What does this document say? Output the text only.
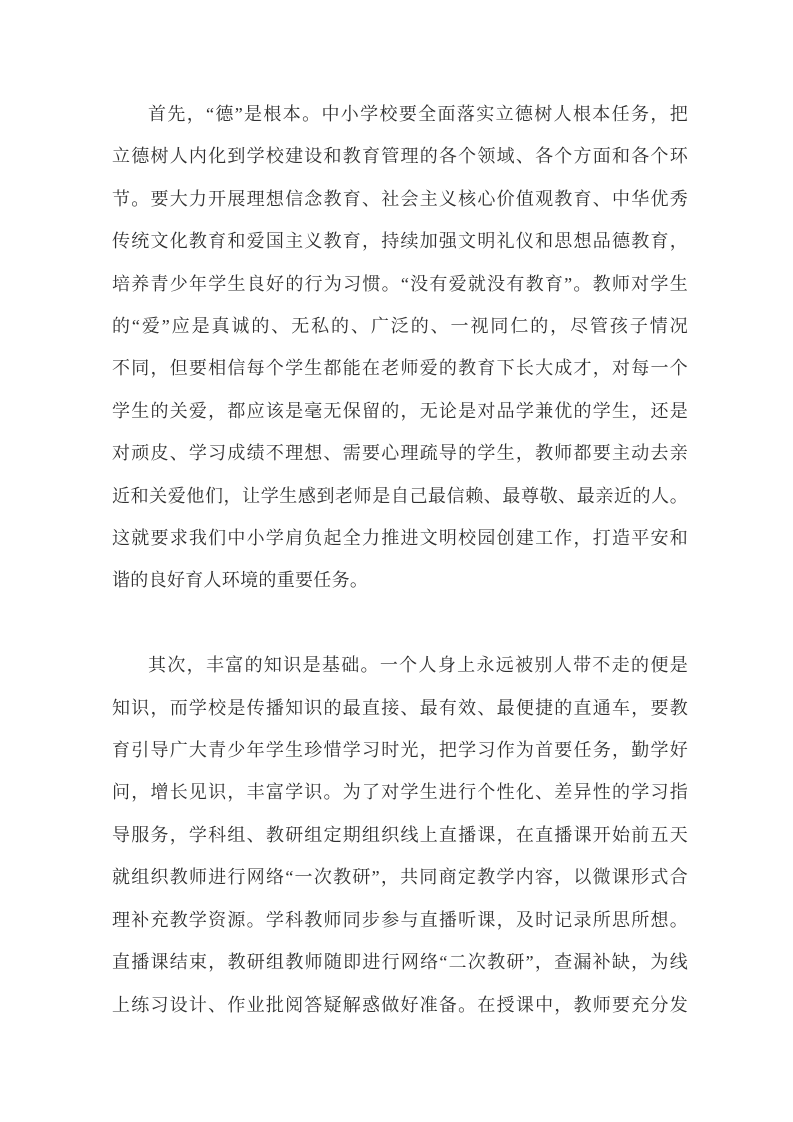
首先，“德”是根本。中小学校要全面落实立德树人根本任务，把
立德树人内化到学校建设和教育管理的各个领域、各个方面和各个环
节。要大力开展理想信念教育、社会主义核心价值观教育、中华优秀
传统文化教育和爱国主义教育，持续加强文明礼仪和思想品德教育，
培养青少年学生良好的行为习惯。“没有爱就没有教育”。教师对学生
的“爱”应是真诚的、无私的、广泛的、一视同仁的，尽管孩子情况
不同，但要相信每个学生都能在老师爱的教育下长大成才，对每一个
学生的关爱，都应该是毫无保留的，无论是对品学兼优的学生，还是
对顽皮、学习成绩不理想、需要心理疏导的学生，教师都要主动去亲
近和关爱他们，让学生感到老师是自己最信赖、最尊敬、最亲近的人。
这就要求我们中小学肩负起全力推进文明校园创建工作，打造平安和
谐的良好育人环境的重要任务。
其次，丰富的知识是基础。一个人身上永远被别人带不走的便是
知识，而学校是传播知识的最直接、最有效、最便捷的直通车，要教
育引导广大青少年学生珍惜学习时光，把学习作为首要任务，勤学好
问，增长见识，丰富学识。为了对学生进行个性化、差异性的学习指
导服务，学科组、教研组定期组织线上直播课，在直播课开始前五天
就组织教师进行网络“一次教研”，共同商定教学内容，以微课形式合
理补充教学资源。学科教师同步参与直播听课，及时记录所思所想。
直播课结束，教研组教师随即进行网络“二次教研”，查漏补缺，为线
上练习设计、作业批阅答疑解惑做好准备。在授课中，教师要充分发
